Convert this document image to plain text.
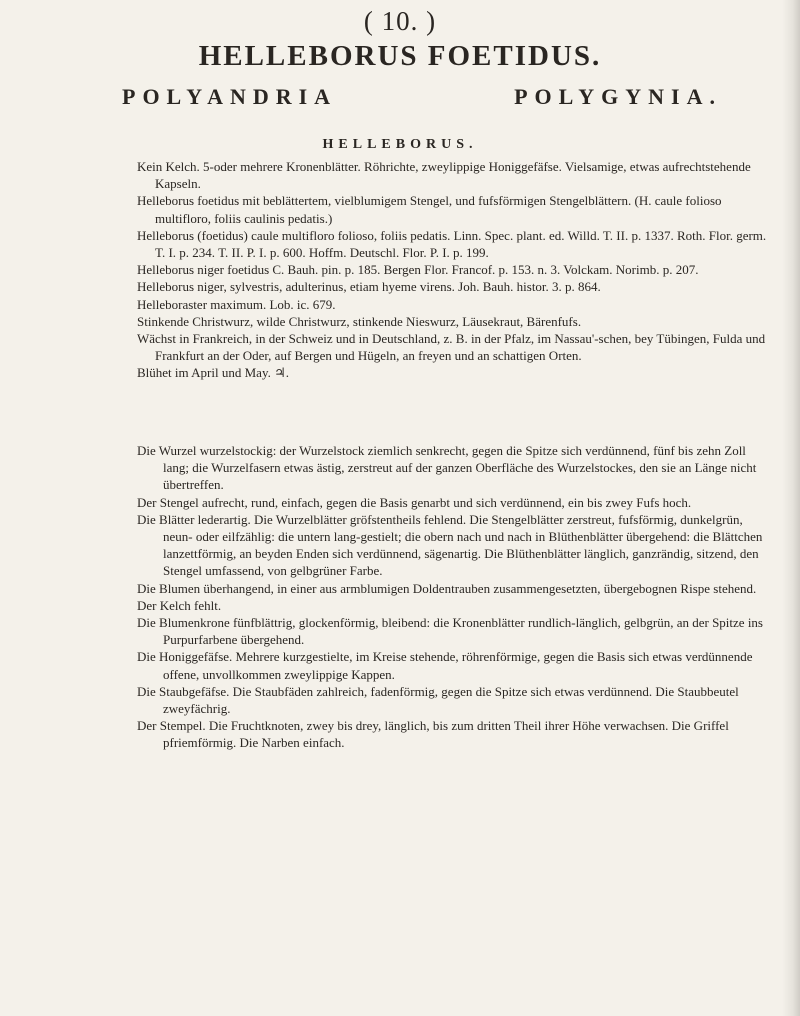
( 10. )
HELLEBORUS FOETIDUS.
POLYANDRIA	POLYGYNIA.
HELLEBORUS.

Kein Kelch. 5-oder mehrere Kronenblätter. Röhrichte, zweylippige Honiggefäfse. Vielsamige, etwas aufrechtstehende Kapseln.

Helleborus foetidus mit beblättertem, vielblumigem Stengel, und fufsförmigen Stengelblättern. (H. caule folioso multifloro, foliis caulinis pedatis.)

Helleborus (foetidus) caule multifloro folioso, foliis pedatis. Linn. Spec. plant. ed. Willd. T. II. p. 1337. Roth. Flor. germ. T. I. p. 234. T. II. P. I. p. 600. Hoffm. Deutschl. Flor. P. I. p. 199.

Helleborus niger foetidus C. Bauh. pin. p. 185. Bergen Flor. Francof. p. 153. n. 3. Volckam. Norimb. p. 207.

Helleborus niger, sylvestris, adulterinus, etiam hyeme virens. Joh. Bauh. histor. 3. p. 864.

Helleboraster maximum. Lob. ic. 679.

Stinkende Christwurz, wilde Christwurz, stinkende Nieswurz, Läusekraut, Bärenfufs.

Wächst in Frankreich, in der Schweiz und in Deutschland, z. B. in der Pfalz, im Nassau'-schen, bey Tübingen, Fulda und Frankfurt an der Oder, auf Bergen und Hügeln, an freyen und an schattigen Orten.

Blühet im April und May. ♃.

Die Wurzel wurzelstockig: der Wurzelstock ziemlich senkrecht, gegen die Spitze sich verdünnend, fünf bis zehn Zoll lang; die Wurzelfasern etwas ästig, zerstreut auf der ganzen Oberfläche des Wurzelstockes, den sie an Länge nicht übertreffen.

Der Stengel aufrecht, rund, einfach, gegen die Basis genarbt und sich verdünnend, ein bis zwey Fufs hoch.

Die Blätter lederartig. Die Wurzelblätter gröfstentheils fehlend. Die Stengelblätter zerstreut, fufsförmig, dunkelgrün, neun- oder eilfzählig: die untern lang-gestielt; die obern nach und nach in Blüthenblätter übergehend: die Blättchen lanzettförmig, an beyden Enden sich verdünnend, sägenartig. Die Blüthenblätter länglich, ganzrändig, sitzend, den Stengel umfassend, von gelbgrüner Farbe.

Die Blumen überhangend, in einer aus armblumigen Doldentrauben zusammengesetzten, übergebognen Rispe stehend.

Der Kelch fehlt.

Die Blumenkrone fünfblättrig, glockenförmig, bleibend: die Kronenblätter rundlich-länglich, gelbgrün, an der Spitze ins Purpurfarbene übergehend.

Die Honiggefäfse. Mehrere kurzgestielte, im Kreise stehende, röhrenförmige, gegen die Basis sich etwas verdünnende offene, unvollkommen zweylippige Kappen.

Die Staubgefäfse. Die Staubfäden zahlreich, fadenförmig, gegen die Spitze sich etwas verdünnend. Die Staubbeutel zweyfächrig.

Der Stempel. Die Fruchtknoten, zwey bis drey, länglich, bis zum dritten Theil ihrer Höhe verwachsen. Die Griffel pfriemförmig. Die Narben einfach.
